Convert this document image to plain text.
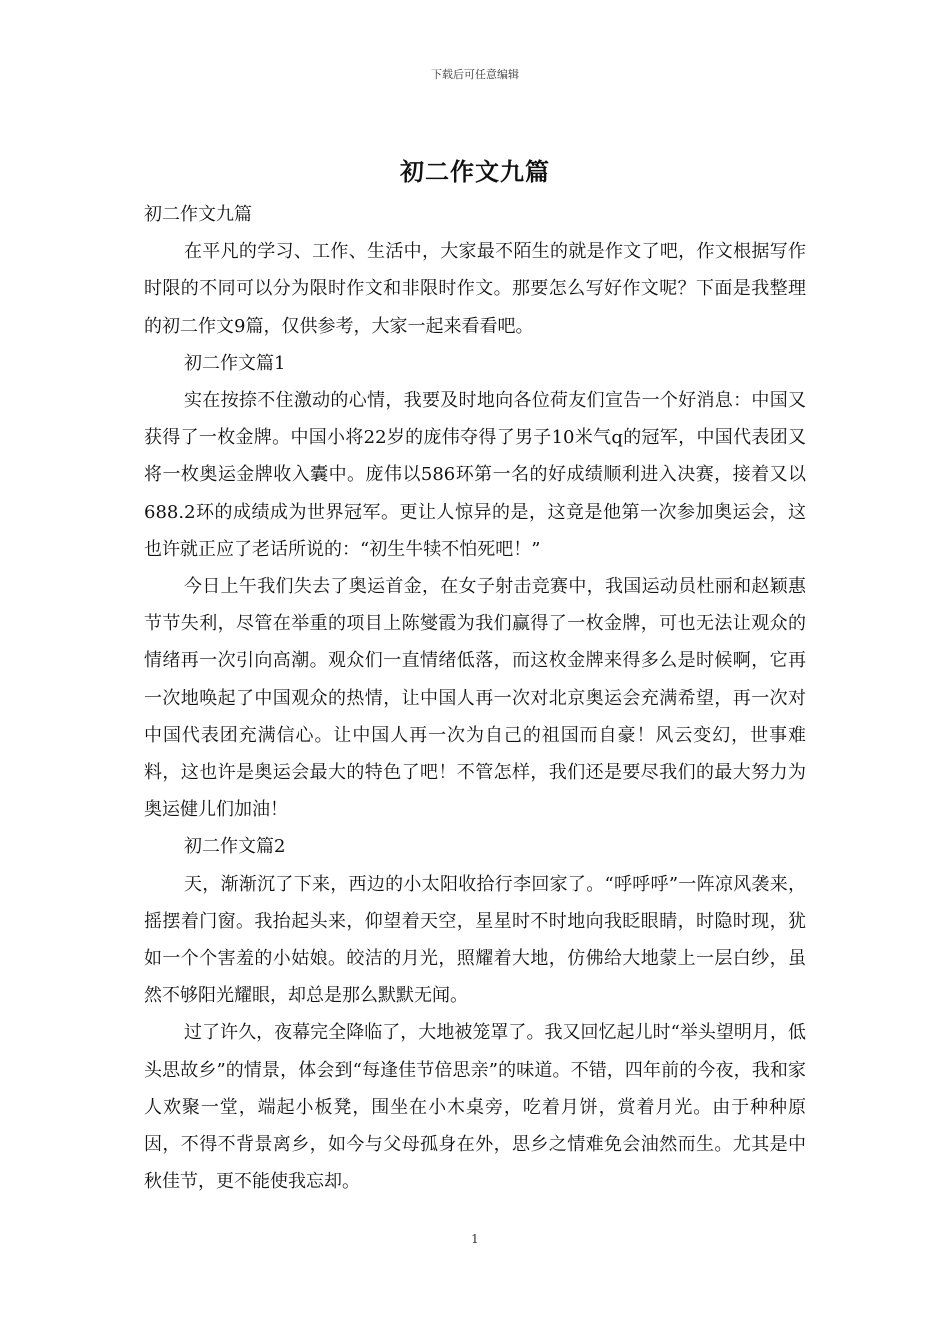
下载后可任意编辑
初二作文九篇

初二作文九篇

在平凡的学习、工作、生活中，大家最不陌生的就是作文了吧，作文根据写作时限的不同可以分为限时作文和非限时作文。那要怎么写好作文呢？下面是我整理的初二作文9篇，仅供参考，大家一起来看看吧。

初二作文篇1

实在按捺不住激动的心情，我要及时地向各位荷友们宣告一个好消息：中国又获得了一枚金牌。中国小将22岁的庞伟夺得了男子10米气q的冠军，中国代表团又将一枚奥运金牌收入囊中。庞伟以586环第一名的好成绩顺利进入决赛，接着又以688.2环的成绩成为世界冠军。更让人惊异的是，这竟是他第一次参加奥运会，这也许就正应了老话所说的：“初生牛犊不怕死吧！”

今日上午我们失去了奥运首金，在女子射击竞赛中，我国运动员杜丽和赵颖惠节节失利，尽管在举重的项目上陈燮霞为我们赢得了一枚金牌，可也无法让观众的情绪再一次引向高潮。观众们一直情绪低落，而这枚金牌来得多么是时候啊，它再一次地唤起了中国观众的热情，让中国人再一次对北京奥运会充满希望，再一次对中国代表团充满信心。让中国人再一次为自己的祖国而自豪！风云变幻，世事难料，这也许是奥运会最大的特色了吧！不管怎样，我们还是要尽我们的最大努力为奥运健儿们加油！

初二作文篇2

天，渐渐沉了下来，西边的小太阳收拾行李回家了。“呼呼呼”一阵凉风袭来，摇摆着门窗。我抬起头来，仰望着天空，星星时不时地向我眨眼睛，时隐时现，犹如一个个害羞的小姑娘。皎洁的月光，照耀着大地，仿佛给大地蒙上一层白纱，虽然不够阳光耀眼，却总是那么默默无闻。

过了许久，夜幕完全降临了，大地被笼罩了。我又回忆起儿时“举头望明月，低头思故乡”的情景，体会到“每逢佳节倍思亲”的味道。不错，四年前的今夜，我和家人欢聚一堂，端起小板凳，围坐在小木桌旁，吃着月饼，赏着月光。由于种种原因，不得不背景离乡，如今与父母孤身在外，思乡之情难免会油然而生。尤其是中秋佳节，更不能使我忘却。

1
